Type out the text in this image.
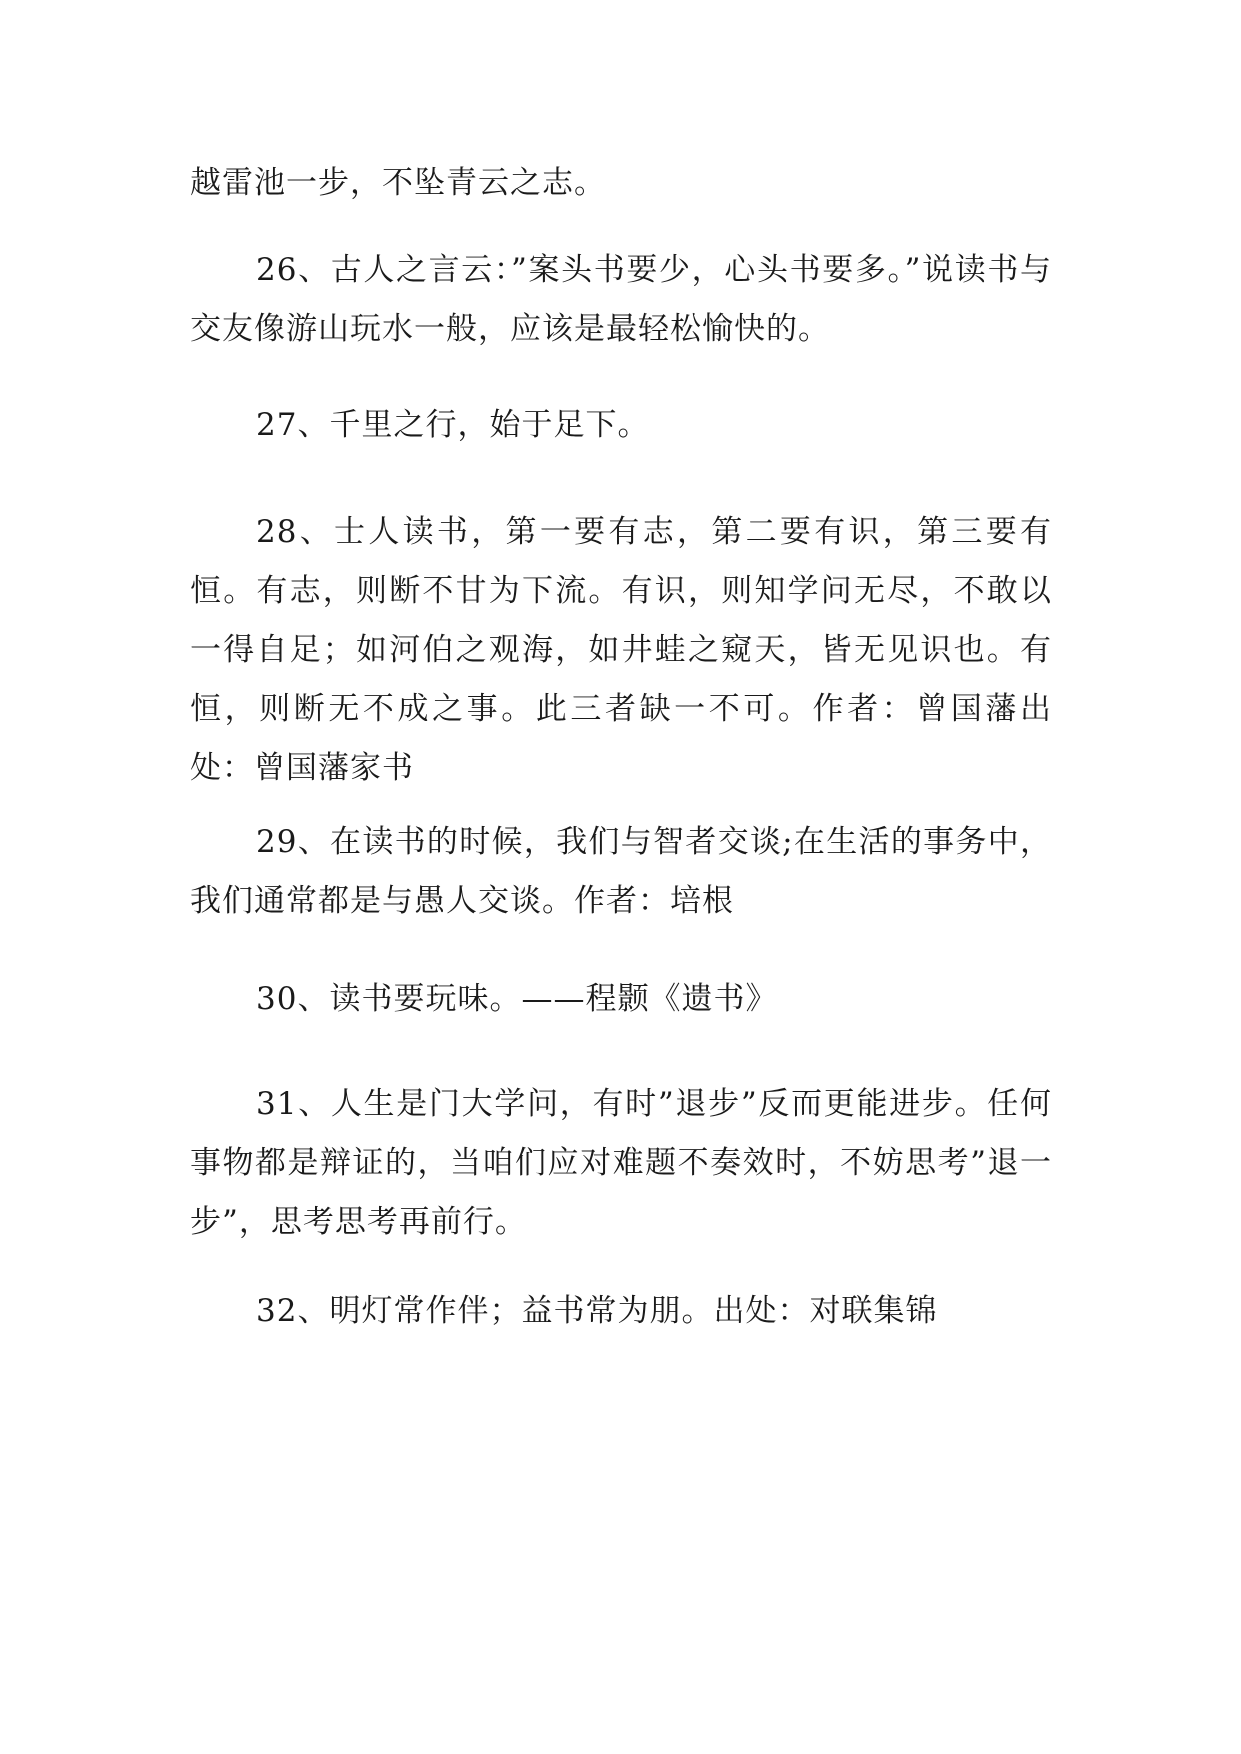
越雷池一步，不坠青云之志。

26、古人之言云：”案头书要少，心头书要多。”说读书与交友像游山玩水一般，应该是最轻松愉快的。

27、千里之行，始于足下。

28、士人读书，第一要有志，第二要有识，第三要有恒。有志，则断不甘为下流。有识，则知学问无尽，不敢以一得自足；如河伯之观海，如井蛙之窥天，皆无见识也。有恒，则断无不成之事。此三者缺一不可。作者：曾国藩出处：曾国藩家书

29、在读书的时候，我们与智者交谈;在生活的事务中，我们通常都是与愚人交谈。作者：培根

30、读书要玩味。——程颢《遗书》

31、人生是门大学问，有时”退步”反而更能进步。任何事物都是辩证的，当咱们应对难题不奏效时，不妨思考”退一步”，思考思考再前行。

32、明灯常作伴；益书常为朋。出处：对联集锦
